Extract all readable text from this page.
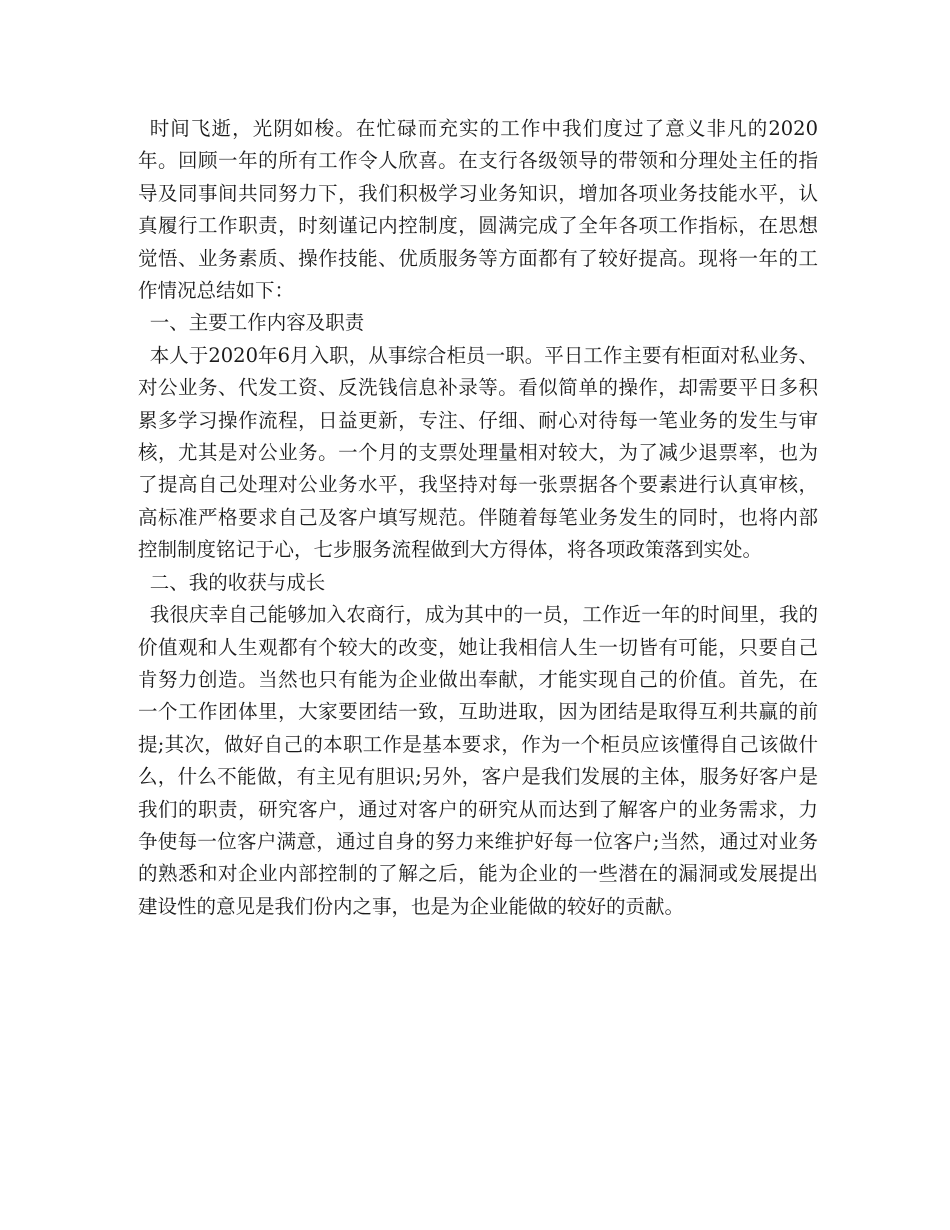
时间飞逝，光阴如梭。在忙碌而充实的工作中我们度过了意义非凡的2020年。回顾一年的所有工作令人欣喜。在支行各级领导的带领和分理处主任的指导及同事间共同努力下，我们积极学习业务知识，增加各项业务技能水平，认真履行工作职责，时刻谨记内控制度，圆满完成了全年各项工作指标，在思想觉悟、业务素质、操作技能、优质服务等方面都有了较好提高。现将一年的工作情况总结如下：

一、主要工作内容及职责

本人于2020年6月入职，从事综合柜员一职。平日工作主要有柜面对私业务、对公业务、代发工资、反洗钱信息补录等。看似简单的操作，却需要平日多积累多学习操作流程，日益更新，专注、仔细、耐心对待每一笔业务的发生与审核，尤其是对公业务。一个月的支票处理量相对较大，为了减少退票率，也为了提高自己处理对公业务水平，我坚持对每一张票据各个要素进行认真审核，高标准严格要求自己及客户填写规范。伴随着每笔业务发生的同时，也将内部控制制度铭记于心，七步服务流程做到大方得体，将各项政策落到实处。

二、我的收获与成长

我很庆幸自己能够加入农商行，成为其中的一员，工作近一年的时间里，我的价值观和人生观都有个较大的改变，她让我相信人生一切皆有可能，只要自己肯努力创造。当然也只有能为企业做出奉献，才能实现自己的价值。首先，在一个工作团体里，大家要团结一致，互助进取，因为团结是取得互利共赢的前提;其次，做好自己的本职工作是基本要求，作为一个柜员应该懂得自己该做什么，什么不能做，有主见有胆识;另外，客户是我们发展的主体，服务好客户是我们的职责，研究客户，通过对客户的研究从而达到了解客户的业务需求，力争使每一位客户满意，通过自身的努力来维护好每一位客户;当然，通过对业务的熟悉和对企业内部控制的了解之后，能为企业的一些潜在的漏洞或发展提出建设性的意见是我们份内之事，也是为企业能做的较好的贡献。
